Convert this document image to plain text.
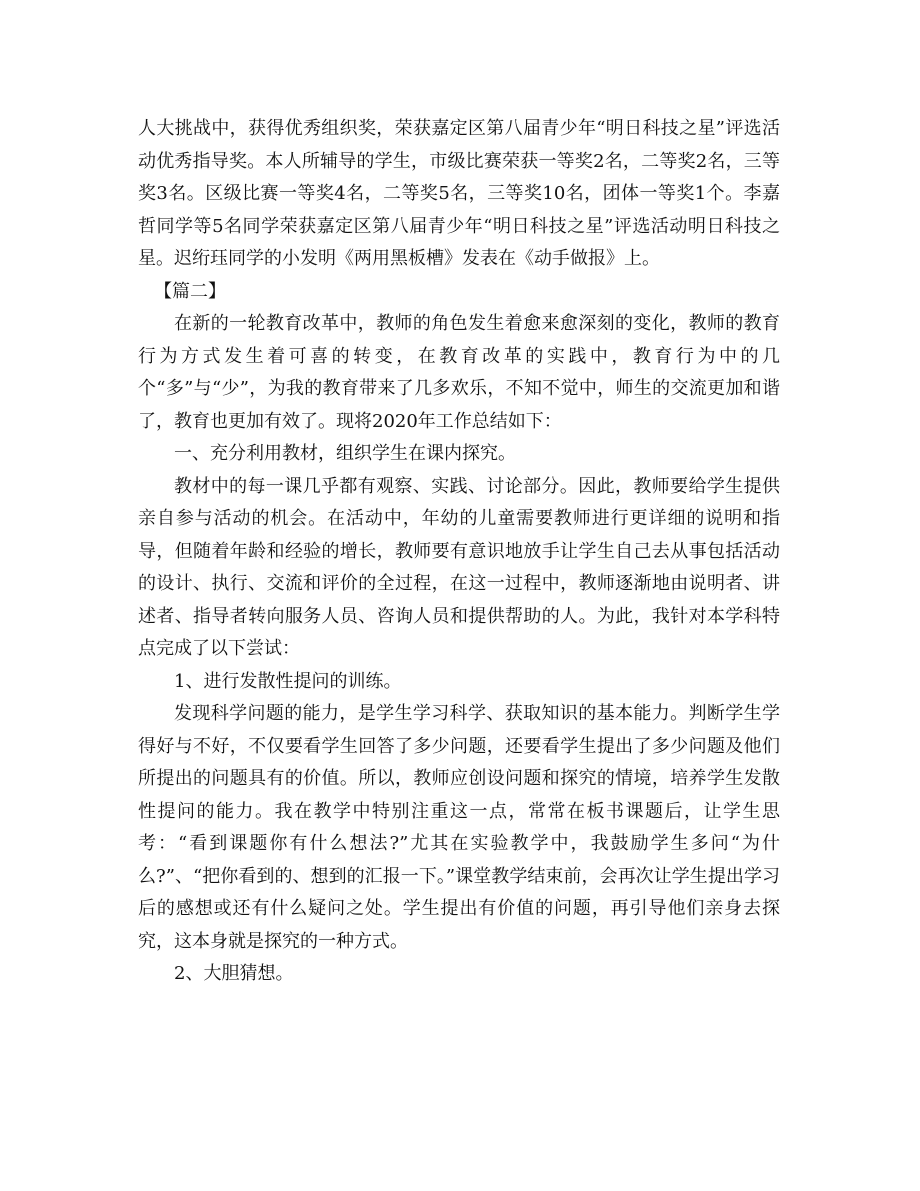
人大挑战中，获得优秀组织奖，荣获嘉定区第八届青少年“明日科技之星”评选活动优秀指导奖。本人所辅导的学生，市级比赛荣获一等奖2名，二等奖2名，三等奖3名。区级比赛一等奖4名，二等奖5名，三等奖10名，团体一等奖1个。李嘉哲同学等5名同学荣获嘉定区第八届青少年“明日科技之星”评选活动明日科技之星。迟绗珏同学的小发明《两用黑板槽》发表在《动手做报》上。

【篇二】

在新的一轮教育改革中，教师的角色发生着愈来愈深刻的变化，教师的教育行为方式发生着可喜的转变，在教育改革的实践中，教育行为中的几个“多”与“少”，为我的教育带来了几多欢乐，不知不觉中，师生的交流更加和谐了，教育也更加有效了。现将2020年工作总结如下：

一、充分利用教材，组织学生在课内探究。

教材中的每一课几乎都有观察、实践、讨论部分。因此，教师要给学生提供亲自参与活动的机会。在活动中，年幼的儿童需要教师进行更详细的说明和指导，但随着年龄和经验的增长，教师要有意识地放手让学生自己去从事包括活动的设计、执行、交流和评价的全过程，在这一过程中，教师逐渐地由说明者、讲述者、指导者转向服务人员、咨询人员和提供帮助的人。为此，我针对本学科特点完成了以下尝试：

1、进行发散性提问的训练。

发现科学问题的能力，是学生学习科学、获取知识的基本能力。判断学生学得好与不好，不仅要看学生回答了多少问题，还要看学生提出了多少问题及他们所提出的问题具有的价值。所以，教师应创设问题和探究的情境，培养学生发散性提问的能力。我在教学中特别注重这一点，常常在板书课题后，让学生思考：“看到课题你有什么想法?”尤其在实验教学中，我鼓励学生多问“为什么?”、“把你看到的、想到的汇报一下。”课堂教学结束前，会再次让学生提出学习后的感想或还有什么疑问之处。学生提出有价值的问题，再引导他们亲身去探究，这本身就是探究的一种方式。

2、大胆猜想。
